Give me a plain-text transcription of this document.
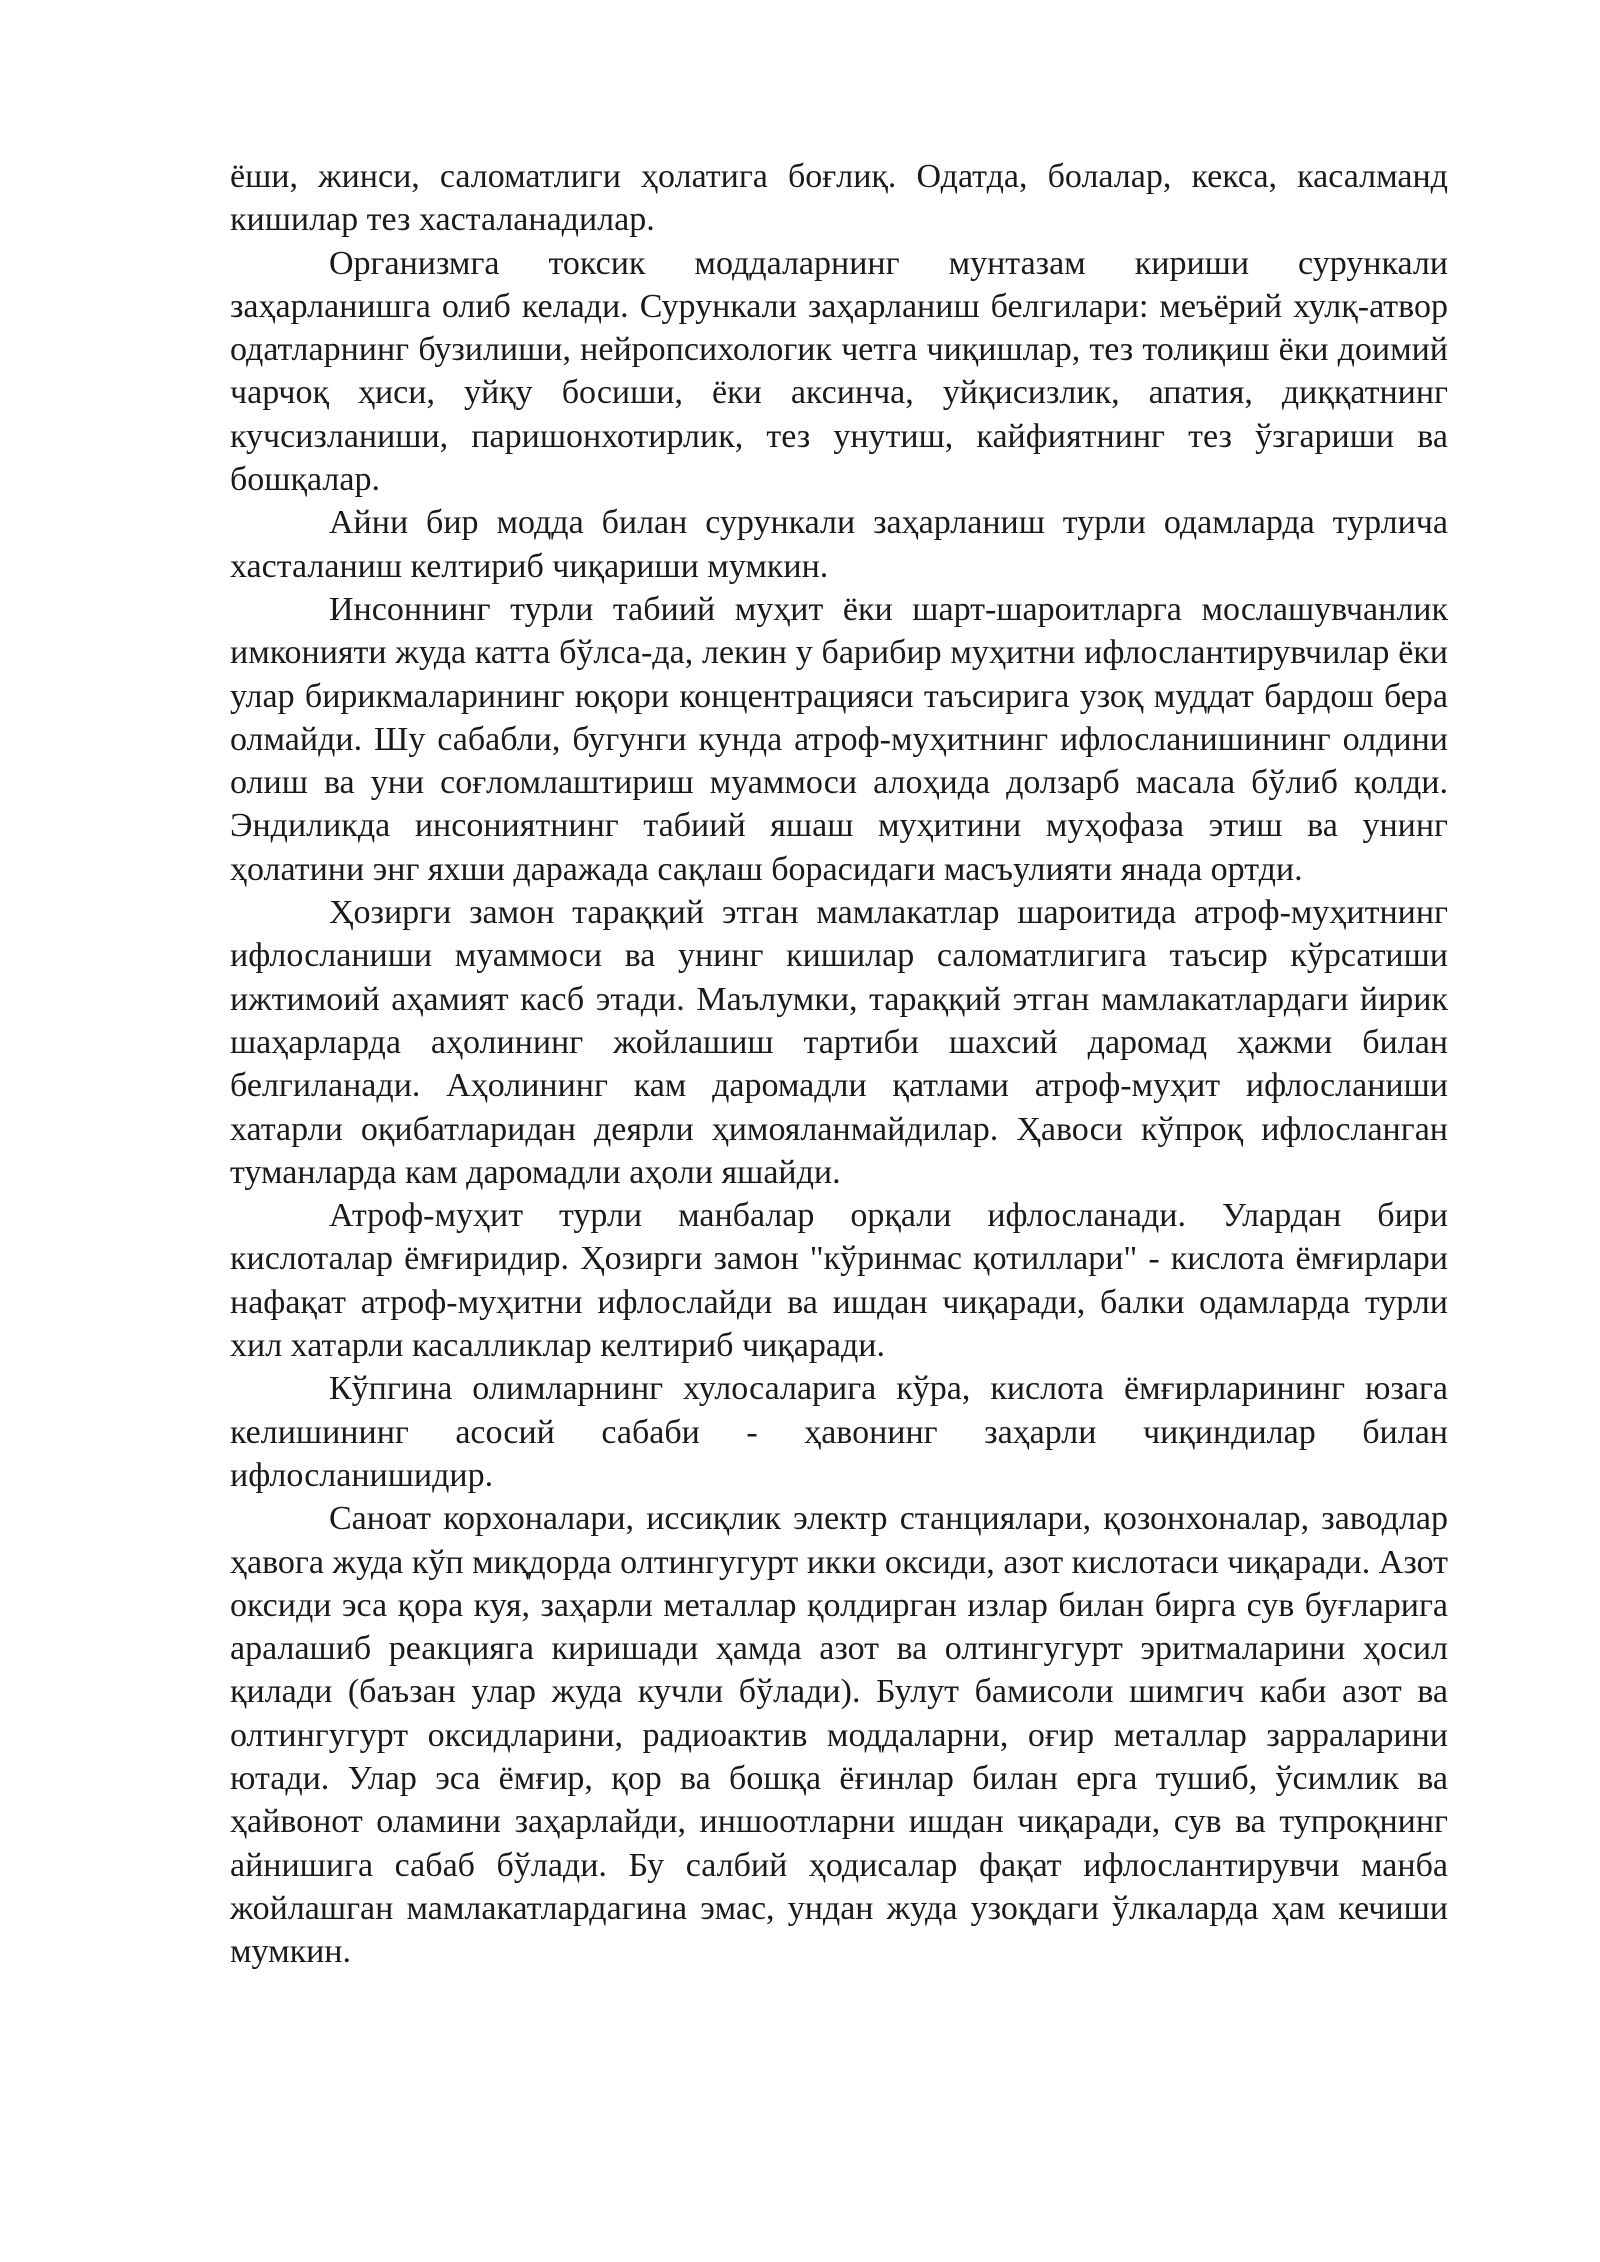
ёши, жинси, саломатлиги ҳолатига боғлиқ. Одатда, болалар, кекса, касалманд кишилар тез хасталанадилар.

Организмга токсик моддаларнинг мунтазам кириши сурункали заҳарланишга олиб келади. Сурункали заҳарланиш белгилари: меъёрий хулқ-атвор одатларнинг бузилиши, нейропсихологик четга чиқишлар, тез толиқиш ёки доимий чарчоқ ҳиси, уйқу босиши, ёки аксинча, уйқисизлик, апатия, диққатнинг кучсизланиши, паришонхотирлик, тез унутиш, кайфиятнинг тез ўзгариши ва бошқалар.

Айни бир модда билан сурункали заҳарланиш турли одамларда турлича хасталаниш келтириб чиқариши мумкин.

Инсоннинг турли табиий муҳит ёки шарт-шароитларга мослашувчанлик имконияти жуда катта бўлса-да, лекин у барибир муҳитни ифлослантирувчилар ёки улар бирикмаларининг юқори концентрацияси таъсирига узоқ муддат бардош бера олмайди. Шу сабабли, бугунги кунда атроф-муҳитнинг ифлосланишининг олдини олиш ва уни соғломлаштириш муаммоси алоҳида долзарб масала бўлиб қолди. Эндиликда инсониятнинг табиий яшаш муҳитини муҳофаза этиш ва унинг ҳолатини энг яхши даражада сақлаш борасидаги масъулияти янада ортди.

Ҳозирги замон тараққий этган мамлакатлар шароитида атроф-муҳитнинг ифлосланиши муаммоси ва унинг кишилар саломатлигига таъсир кўрсатиши ижтимоий аҳамият касб этади. Маълумки, тараққий этган мамлакатлардаги йирик шаҳарларда аҳолининг жойлашиш тартиби шахсий даромад ҳажми билан белгиланади. Аҳолининг кам даромадли қатлами атроф-муҳит ифлосланиши хатарли оқибатларидан деярли ҳимояланмайдилар. Ҳавоси кўпроқ ифлосланган туманларда кам даромадли аҳоли яшайди.

Атроф-муҳит турли манбалар орқали ифлосланади. Улардан бири кислоталар ёмғиридир. Ҳозирги замон "кўринмас қотиллари" - кислота ёмғирлари нафақат атроф-муҳитни ифлослайди ва ишдан чиқаради, балки одамларда турли хил хатарли касалликлар келтириб чиқаради.

Кўпгина олимларнинг хулосаларига кўра, кислота ёмғирларининг юзага келишининг асосий сабаби - ҳавонинг заҳарли чиқиндилар билан ифлосланишидир.

Саноат корхоналари, иссиқлик электр станциялари, қозонхоналар, заводлар ҳавога жуда кўп миқдорда олтингугурт икки оксиди, азот кислотаси чиқаради. Азот оксиди эса қора куя, заҳарли металлар қолдирган излар билан бирга сув буғларига аралашиб реакцияга киришади ҳамда азот ва олтингугурт эритмаларини ҳосил қилади (баъзан улар жуда кучли бўлади). Булут бамисоли шимгич каби азот ва олтингугурт оксидларини, радиоактив моддаларни, оғир металлар зарраларини ютади. Улар эса ёмғир, қор ва бошқа ёғинлар билан ерга тушиб, ўсимлик ва ҳайвонот оламини заҳарлайди, иншоотларни ишдан чиқаради, сув ва тупроқнинг айнишига сабаб бўлади. Бу салбий ҳодисалар фақат ифлослантирувчи манба жойлашган мамлакатлардагина эмас, ундан жуда узоқдаги ўлкаларда ҳам кечиши мумкин.
